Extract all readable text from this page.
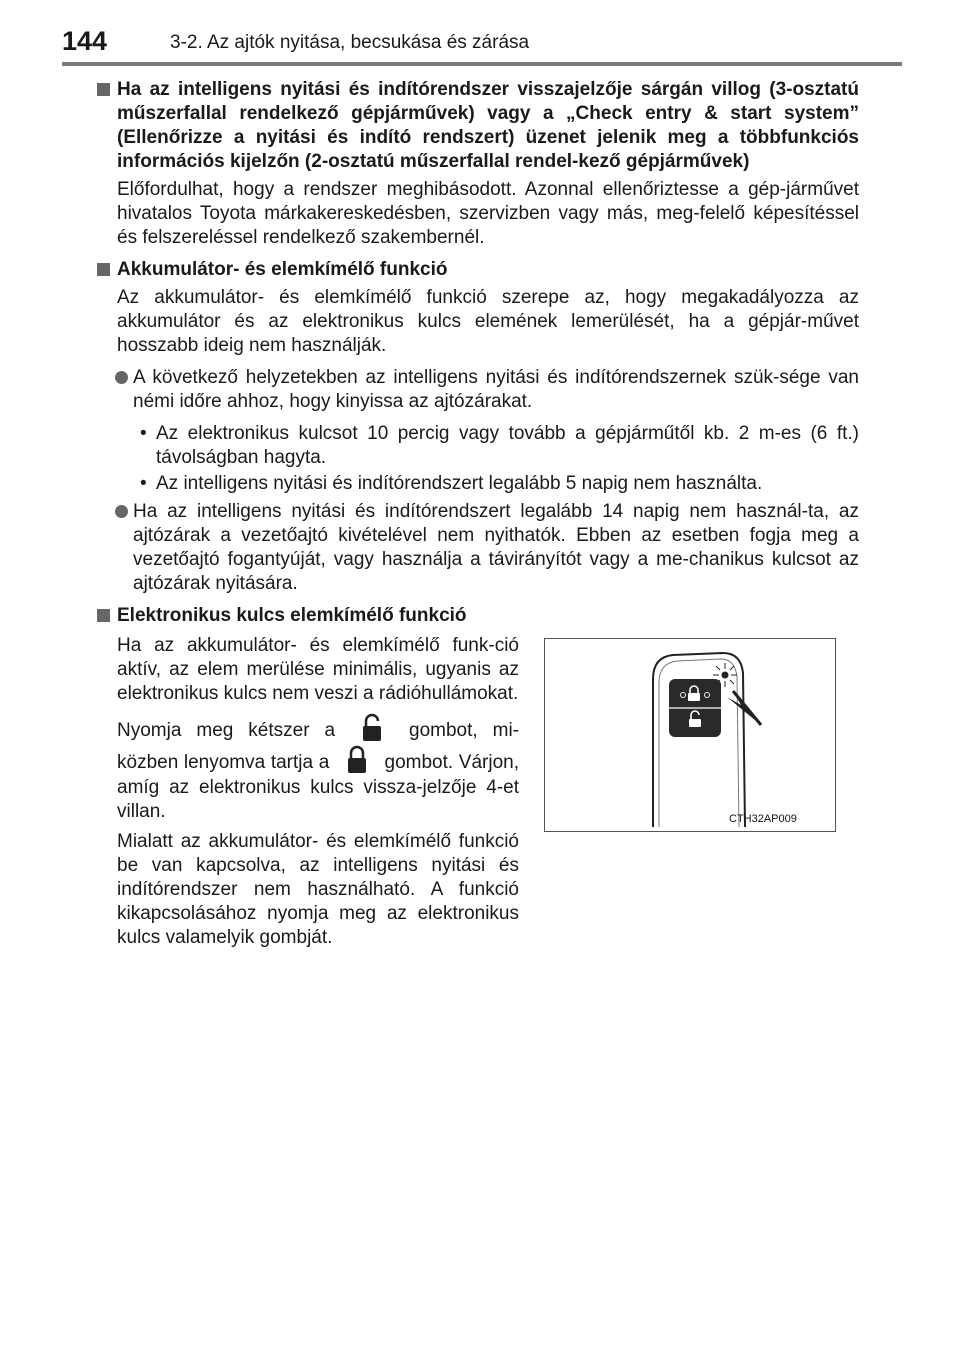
144	3-2. Az ajtók nyitása, becsukása és zárása
Ha az intelligens nyitási és indítórendszer visszajelzője sárgán villog (3-osztatú műszerfallal rendelkező gépjárművek) vagy a „Check entry & start system” (Ellenőrizze a nyitási és indító rendszert) üzenet jelenik meg a többfunkciós információs kijelzőn (2-osztatú műszerfallal rendel-kező gépjárművek)
Előfordulhat, hogy a rendszer meghibásodott. Azonnal ellenőriztesse a gép-járművet hivatalos Toyota márkakereskedésben, szervizben vagy más, meg-felelő képesítéssel és felszereléssel rendelkező szakembernél.
Akkumulátor- és elemkímélő funkció
Az akkumulátor- és elemkímélő funkció szerepe az, hogy megakadályozza az akkumulátor és az elektronikus kulcs elemének lemerülését, ha a gépjár-művet hosszabb ideig nem használják.
A következő helyzetekben az intelligens nyitási és indítórendszernek szük-sége van némi időre ahhoz, hogy kinyissa az ajtózárakat.
• Az elektronikus kulcsot 10 percig vagy tovább a gépjárműtől kb. 2 m-es (6 ft.) távolságban hagyta.
• Az intelligens nyitási és indítórendszert legalább 5 napig nem használta.
Ha az intelligens nyitási és indítórendszert legalább 14 napig nem használ-ta, az ajtózárak a vezetőajtó kivételével nem nyithatók. Ebben az esetben fogja meg a vezetőajtó fogantyúját, vagy használja a távirányítót vagy a me-chanikus kulcsot az ajtózárak nyitására.
Elektronikus kulcs elemkímélő funkció

Ha az akkumulátor- és elemkímélő funk-ció aktív, az elem merülése minimális, ugyanis az elektronikus kulcs nem veszi a rádióhullámokat.

Nyomja meg kétszer a	gombot, mi-közben lenyomva tartja a	gombot. Várjon, amíg az elektronikus kulcs vissza-jelzője 4-et villan.

Mialatt az akkumulátor- és elemkímélő funkció be van kapcsolva, az intelligens nyitási és indítórendszer nem használható. A funkció kikapcsolásához nyomja meg az elektronikus kulcs valamelyik gombját.

CTH32AP009
